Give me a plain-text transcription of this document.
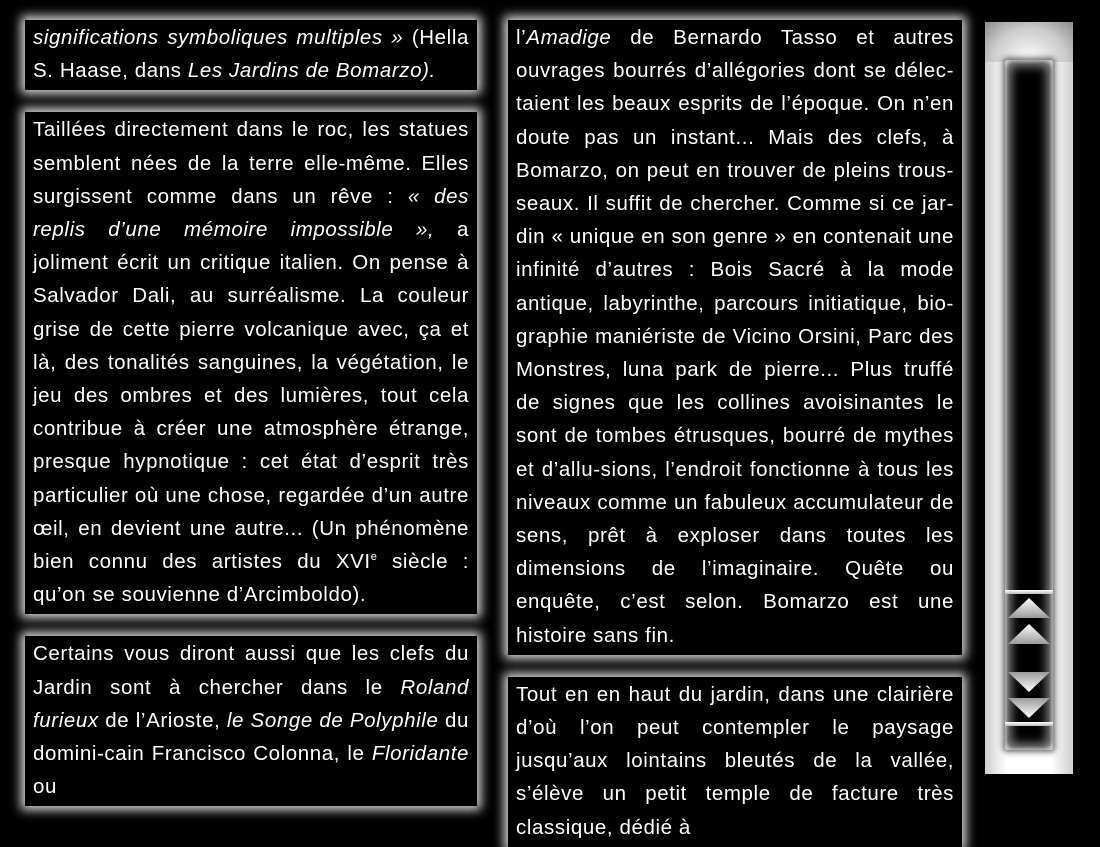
significations symboliques multiples » (Hella S. Haase, dans Les Jardins de Bomarzo).
Taillées directement dans le roc, les statues semblent nées de la terre elle-même. Elles surgissent comme dans un rêve : « des replis d’une mémoire impossible », a joliment écrit un critique italien. On pense à Salvador Dali, au surréalisme. La couleur grise de cette pierre volcanique avec, ça et là, des tonalités sanguines, la végétation, le jeu des ombres et des lumières, tout cela contribue à créer une atmosphère étrange, presque hypnotique : cet état d’esprit très particulier où une chose, regardée d’un autre œil, en devient une autre... (Un phénomène bien connu des artistes du XVIe siècle : qu’on se souvienne d’Arcimboldo).
Certains vous diront aussi que les clefs du Jardin sont à chercher dans le Roland furieux de l’Arioste, le Songe de Polyphile du domini-cain Francisco Colonna, le Floridante ou
l’Amadige de Bernardo Tasso et autres ouvrages bourrés d’allégories dont se délec-taient les beaux esprits de l’époque. On n’en doute pas un instant... Mais des clefs, à Bomarzo, on peut en trouver de pleins trous-seaux. Il suffit de chercher. Comme si ce jar-din « unique en son genre » en contenait une infinité d’autres : Bois Sacré à la mode antique, labyrinthe, parcours initiatique, bio-graphie maniériste de Vicino Orsini, Parc des Monstres, luna park de pierre... Plus truffé de signes que les collines avoisinantes le sont de tombes étrusques, bourré de mythes et d’allu-sions, l’endroit fonctionne à tous les niveaux comme un fabuleux accumulateur de sens, prêt à exploser dans toutes les dimensions de l’imaginaire. Quête ou enquête, c’est selon. Bomarzo est une histoire sans fin.
Tout en en haut du jardin, dans une clairière d’où l’on peut contempler le paysage jusqu’aux lointains bleutés de la vallée, s’élève un petit temple de facture très classique, dédié à
